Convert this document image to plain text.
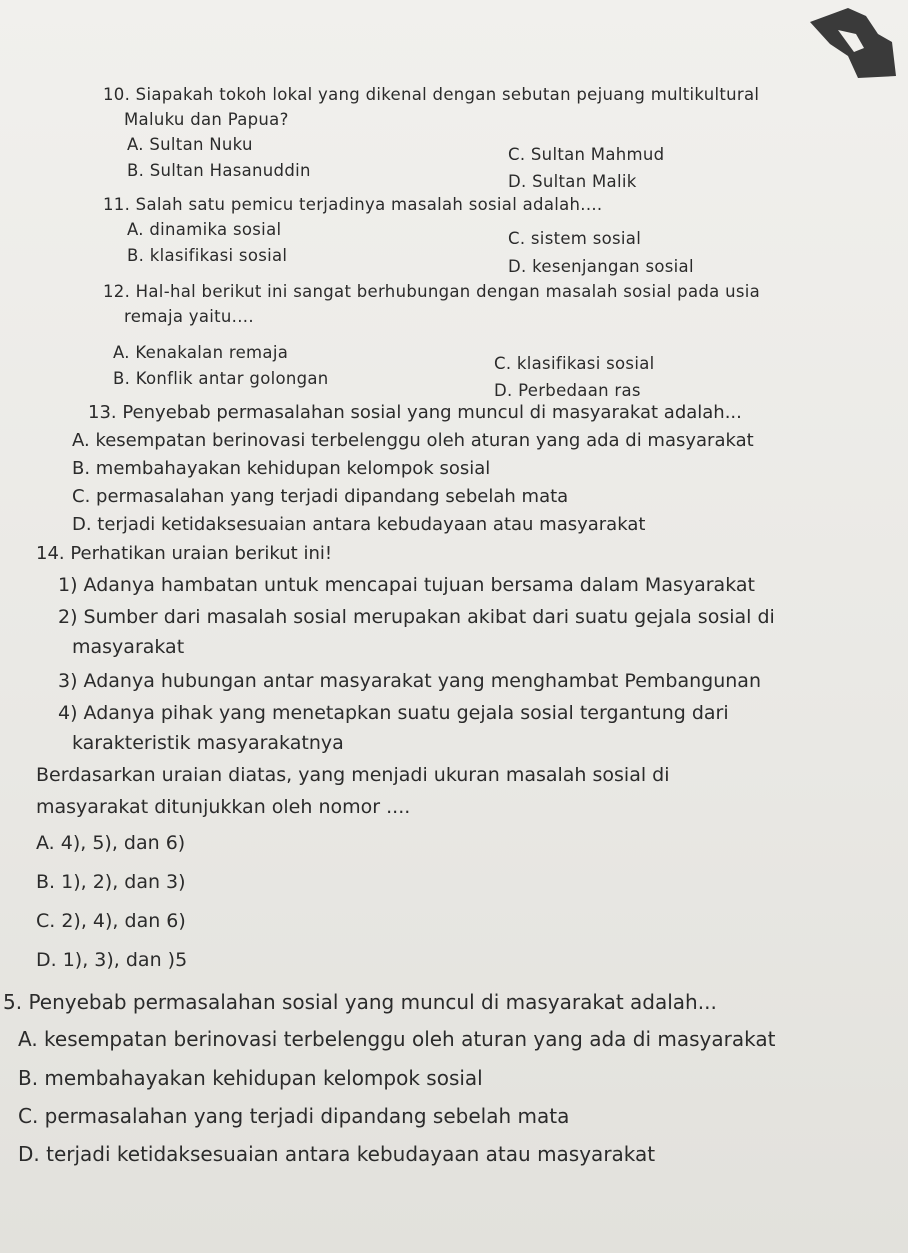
10. Siapakah tokoh lokal yang dikenal dengan sebutan pejuang multikultural
Maluku dan Papua?
A. Sultan Nuku
B. Sultan Hasanuddin
C. Sultan Mahmud
D. Sultan Malik
11. Salah satu pemicu terjadinya masalah sosial adalah....
A. dinamika sosial
B. klasifikasi sosial
C. sistem sosial
D. kesenjangan sosial
12. Hal-hal berikut ini sangat berhubungan dengan masalah sosial pada usia
remaja yaitu....
A. Kenakalan remaja
B. Konflik antar golongan
C. klasifikasi sosial
D. Perbedaan ras
13. Penyebab permasalahan sosial yang muncul di masyarakat adalah...
A. kesempatan berinovasi terbelenggu oleh aturan yang ada di masyarakat
B. membahayakan kehidupan kelompok sosial
C. permasalahan yang terjadi dipandang sebelah mata
D. terjadi ketidaksesuaian antara kebudayaan atau masyarakat
14. Perhatikan uraian berikut ini!
1) Adanya hambatan untuk mencapai tujuan bersama dalam Masyarakat
2) Sumber dari masalah sosial merupakan akibat dari suatu gejala sosial di
masyarakat
3) Adanya hubungan antar masyarakat yang menghambat Pembangunan
4) Adanya pihak yang menetapkan suatu gejala sosial tergantung dari
karakteristik masyarakatnya
Berdasarkan uraian diatas, yang menjadi ukuran masalah sosial di
masyarakat ditunjukkan oleh nomor ....
A. 4), 5), dan 6)
B. 1), 2), dan 3)
C. 2), 4), dan 6)
D. 1), 3), dan )5
5. Penyebab permasalahan sosial yang muncul di masyarakat adalah...
A. kesempatan berinovasi terbelenggu oleh aturan yang ada di masyarakat
B. membahayakan kehidupan kelompok sosial
C. permasalahan yang terjadi dipandang sebelah mata
D. terjadi ketidaksesuaian antara kebudayaan atau masyarakat
